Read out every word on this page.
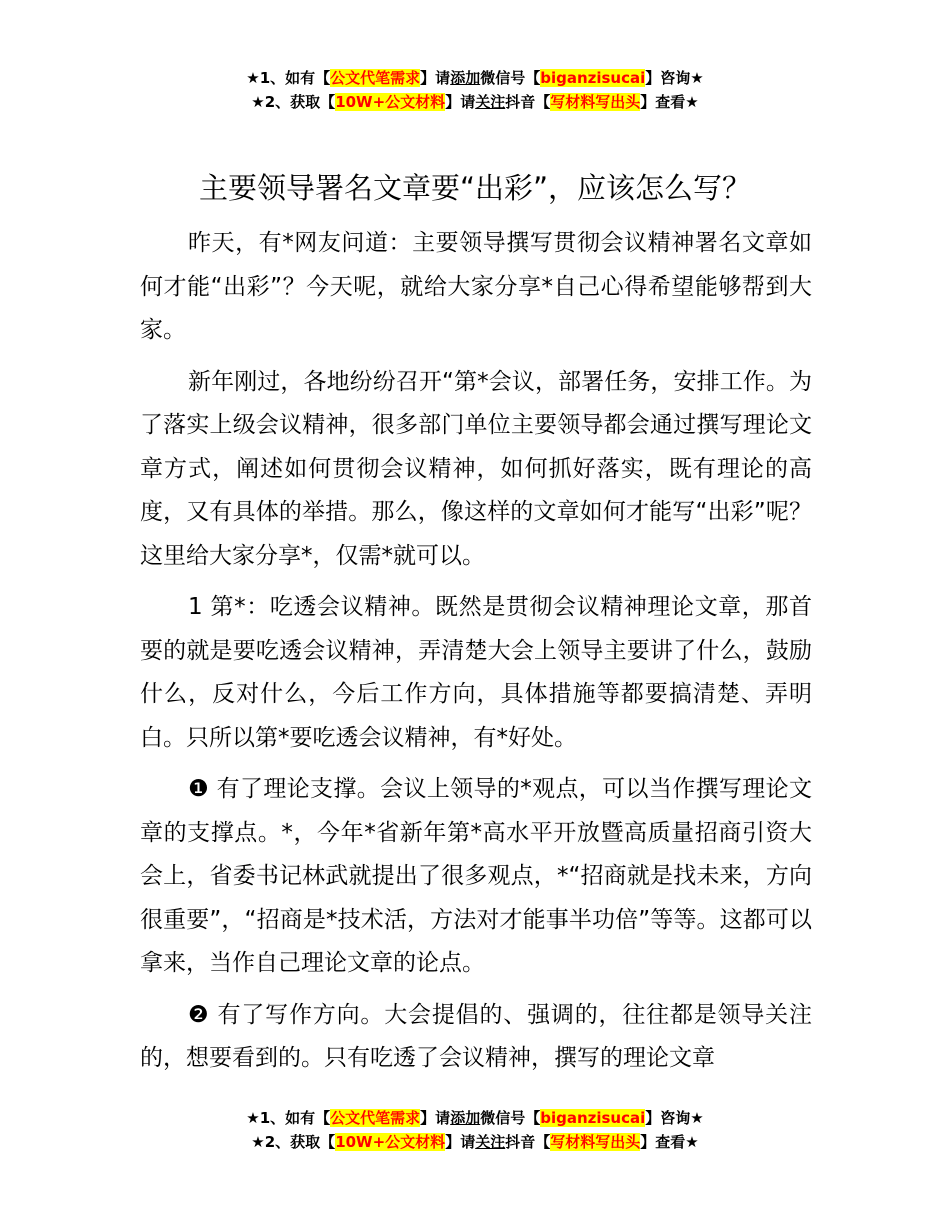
★1、如有【公文代笔需求】请添加微信号【biganzisucai】咨询★
★2、获取【10W+公文材料】请关注抖音【写材料写出头】查看★
主要领导署名文章要“出彩”，应该怎么写？

昨天，有*网友问道：主要领导撰写贯彻会议精神署名文章如何才能“出彩”？今天呢，就给大家分享*自己心得希望能够帮到大家。

新年刚过，各地纷纷召开“第*会议，部署任务，安排工作。为了落实上级会议精神，很多部门单位主要领导都会通过撰写理论文章方式，阐述如何贯彻会议精神，如何抓好落实，既有理论的高度，又有具体的举措。那么，像这样的文章如何才能写“出彩”呢？这里给大家分享*，仅需*就可以。

1 第*：吃透会议精神。既然是贯彻会议精神理论文章，那首要的就是要吃透会议精神，弄清楚大会上领导主要讲了什么，鼓励什么，反对什么，今后工作方向，具体措施等都要搞清楚、弄明白。只所以第*要吃透会议精神，有*好处。

❶ 有了理论支撑。会议上领导的*观点，可以当作撰写理论文章的支撑点。*，今年*省新年第*高水平开放暨高质量招商引资大会上，省委书记林武就提出了很多观点，*“招商就是找未来，方向很重要”，“招商是*技术活，方法对才能事半功倍”等等。这都可以拿来，当作自己理论文章的论点。

❷ 有了写作方向。大会提倡的、强调的，往往都是领导关注的，想要看到的。只有吃透了会议精神，撰写的理论文章

★1、如有【公文代笔需求】请添加微信号【biganzisucai】咨询★
★2、获取【10W+公文材料】请关注抖音【写材料写出头】查看★
